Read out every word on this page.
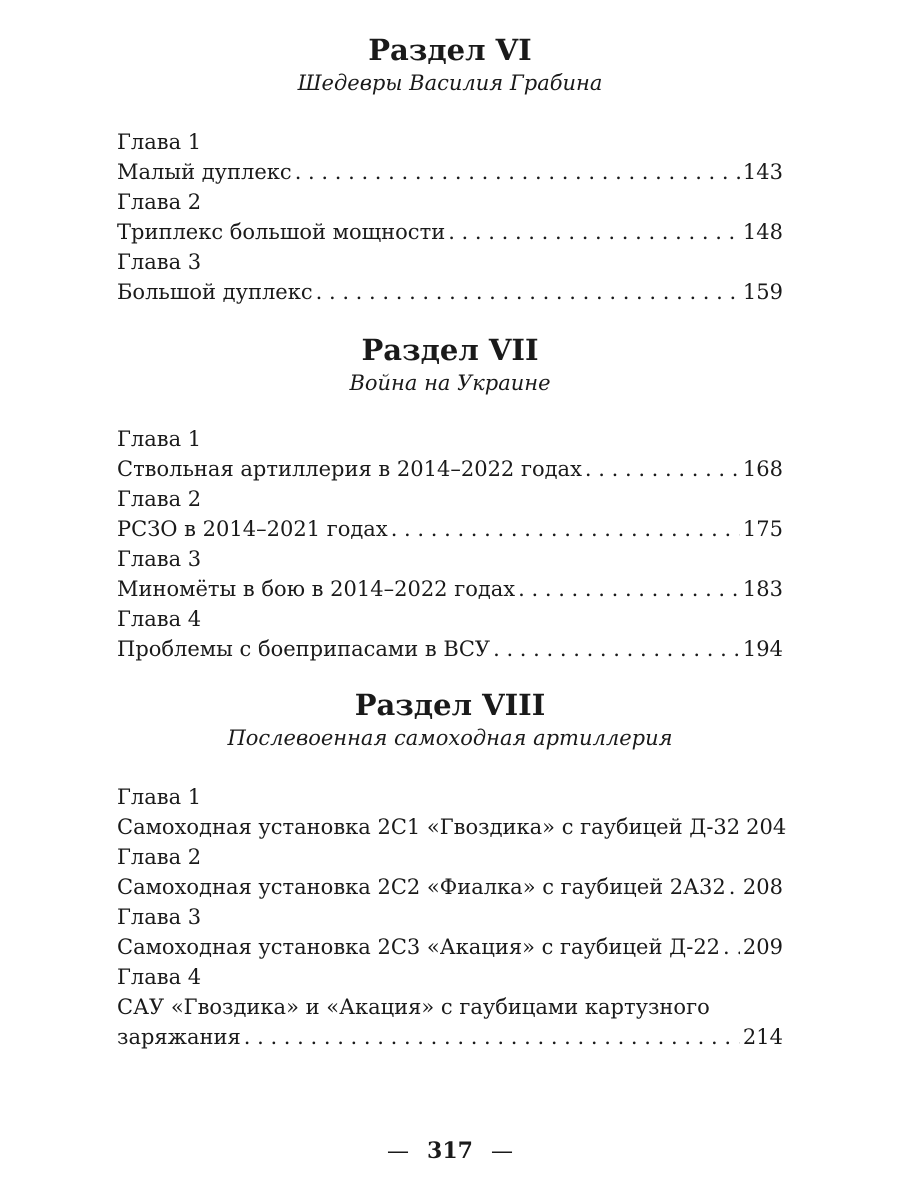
Раздел VI
Шедевры Василия Грабина
Глава 1
Малый дуплекс . . .	143
Глава 2
Триплекс большой мощности . . .	148
Глава 3
Большой дуплекс . . .	159
Раздел VII
Война на Украине
Глава 1
Ствольная артиллерия в 2014–2022 годах . . .	168
Глава 2
РСЗО в 2014–2021 годах . . .	175
Глава 3
Миномёты в бою в 2014–2022 годах . . .	183
Глава 4
Проблемы с боеприпасами в ВСУ . . .	194
Раздел VIII
Послевоенная самоходная артиллерия
Глава 1
Самоходная установка 2С1 «Гвоздика» с гаубицей Д-32 204
Глава 2
Самоходная установка 2С2 «Фиалка» с гаубицей 2А32 . . . 208
Глава 3
Самоходная установка 2С3 «Акация» с гаубицей Д-22 . . . 209
Глава 4
САУ «Гвоздика» и «Акация» с гаубицами картузного
заряжания . . .	214
— 317 —
